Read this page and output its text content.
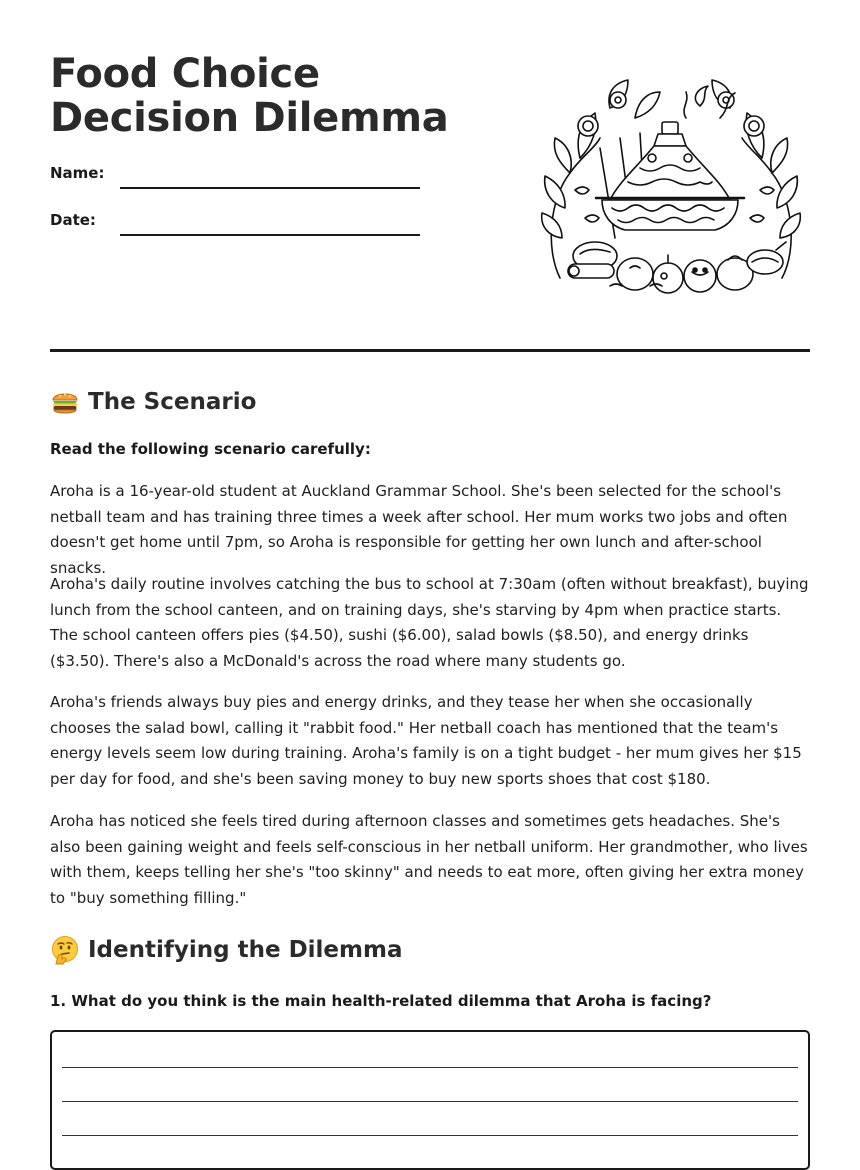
Food Choice Decision Dilemma
Name:
Date:
The Scenario
Read the following scenario carefully:

Aroha is a 16-year-old student at Auckland Grammar School. She's been selected for the school's netball team and has training three times a week after school. Her mum works two jobs and often doesn't get home until 7pm, so Aroha is responsible for getting her own lunch and after-school snacks.

Aroha's daily routine involves catching the bus to school at 7:30am (often without breakfast), buying lunch from the school canteen, and on training days, she's starving by 4pm when practice starts. The school canteen offers pies ($4.50), sushi ($6.00), salad bowls ($8.50), and energy drinks ($3.50). There's also a McDonald's across the road where many students go.

Aroha's friends always buy pies and energy drinks, and they tease her when she occasionally chooses the salad bowl, calling it "rabbit food." Her netball coach has mentioned that the team's energy levels seem low during training. Aroha's family is on a tight budget - her mum gives her $15 per day for food, and she's been saving money to buy new sports shoes that cost $180.

Aroha has noticed she feels tired during afternoon classes and sometimes gets headaches. She's also been gaining weight and feels self-conscious in her netball uniform. Her grandmother, who lives with them, keeps telling her she's "too skinny" and needs to eat more, often giving her extra money to "buy something filling."

Identifying the Dilemma
1. What do you think is the main health-related dilemma that Aroha is facing?
